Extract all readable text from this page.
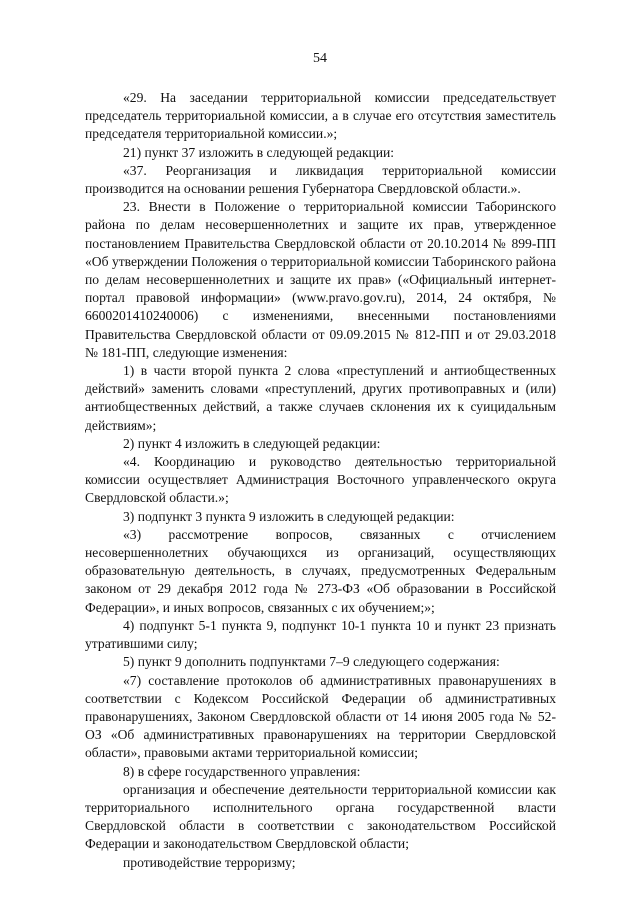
54

«29. На заседании территориальной комиссии председательствует председатель территориальной комиссии, а в случае его отсутствия заместитель председателя территориальной комиссии.»;

21) пункт 37 изложить в следующей редакции:

«37. Реорганизация и ликвидация территориальной комиссии производится на основании решения Губернатора Свердловской области.».

23. Внести в Положение о территориальной комиссии Таборинского района по делам несовершеннолетних и защите их прав, утвержденное постановлением Правительства Свердловской области от 20.10.2014 № 899-ПП «Об утверждении Положения о территориальной комиссии Таборинского района по делам несовершеннолетних и защите их прав» («Официальный интернет-портал правовой информации» (www.pravo.gov.ru), 2014, 24 октября, № 6600201410240006) с изменениями, внесенными постановлениями Правительства Свердловской области от 09.09.2015 № 812-ПП и от 29.03.2018 № 181-ПП, следующие изменения:

1) в части второй пункта 2 слова «преступлений и антиобщественных действий» заменить словами «преступлений, других противоправных и (или) антиобщественных действий, а также случаев склонения их к суицидальным действиям»;

2) пункт 4 изложить в следующей редакции:

«4. Координацию и руководство деятельностью территориальной комиссии осуществляет Администрация Восточного управленческого округа Свердловской области.»;

3) подпункт 3 пункта 9 изложить в следующей редакции:

«3) рассмотрение вопросов, связанных с отчислением несовершеннолетних обучающихся из организаций, осуществляющих образовательную деятельность, в случаях, предусмотренных Федеральным законом от 29 декабря 2012 года № 273-ФЗ «Об образовании в Российской Федерации», и иных вопросов, связанных с их обучением;»;

4) подпункт 5-1 пункта 9, подпункт 10-1 пункта 10 и пункт 23 признать утратившими силу;

5) пункт 9 дополнить подпунктами 7–9 следующего содержания:

«7) составление протоколов об административных правонарушениях в соответствии с Кодексом Российской Федерации об административных правонарушениях, Законом Свердловской области от 14 июня 2005 года № 52-ОЗ «Об административных правонарушениях на территории Свердловской области», правовыми актами территориальной комиссии;

8) в сфере государственного управления:

организация и обеспечение деятельности территориальной комиссии как территориального исполнительного органа государственной власти Свердловской области в соответствии с законодательством Российской Федерации и законодательством Свердловской области;

противодействие терроризму;
